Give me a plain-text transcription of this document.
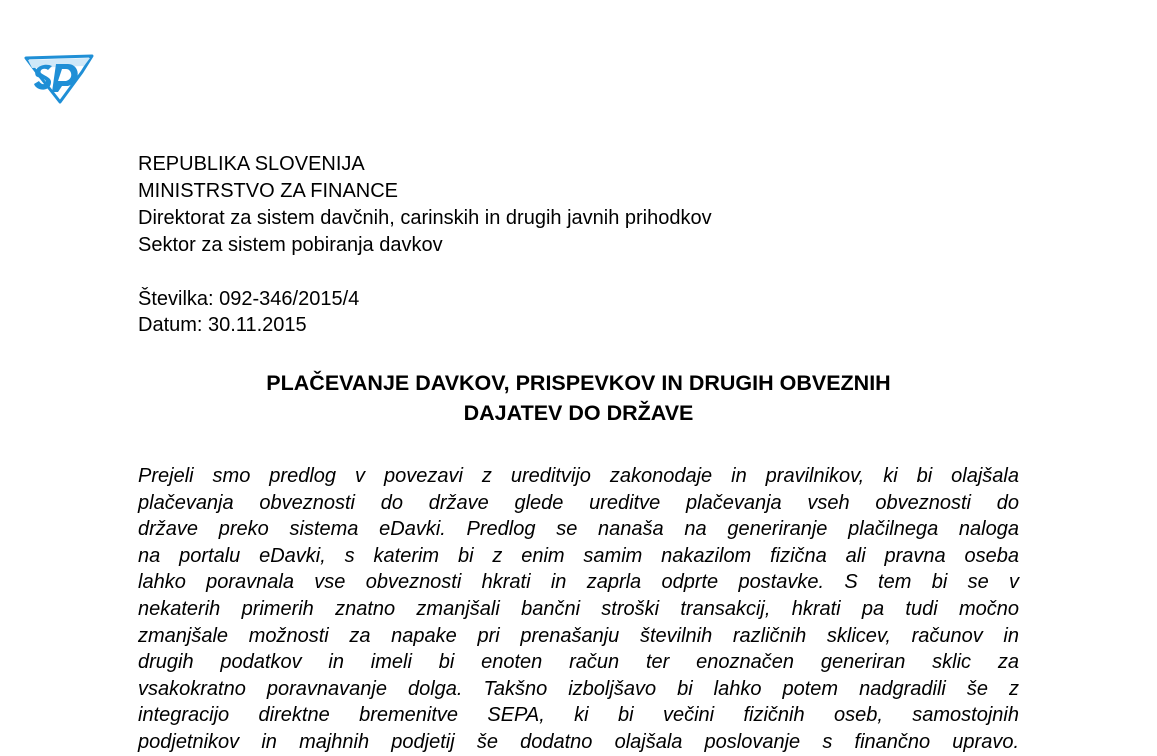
REPUBLIKA SLOVENIJA
MINISTRSTVO ZA FINANCE
Direktorat za sistem davčnih, carinskih in drugih javnih prihodkov
Sektor za sistem pobiranja davkov
Številka: 092-346/2015/4
Datum: 30.11.2015
PLAČEVANJE DAVKOV, PRISPEVKOV IN DRUGIH OBVEZNIH
DAJATEV DO DRŽAVE
Prejeli smo predlog v povezavi z ureditvijo zakonodaje in pravilnikov, ki bi olajšala
plačevanja obveznosti do države glede ureditve plačevanja vseh obveznosti do
države preko sistema eDavki. Predlog se nanaša na generiranje plačilnega naloga
na portalu eDavki, s katerim bi z enim samim nakazilom fizična ali pravna oseba
lahko poravnala vse obveznosti hkrati in zaprla odprte postavke. S tem bi se v
nekaterih primerih znatno zmanjšali bančni stroški transakcij, hkrati pa tudi močno
zmanjšale možnosti za napake pri prenašanju številnih različnih sklicev, računov in
drugih podatkov in imeli bi enoten račun ter enoznačen generiran sklic za
vsakokratno poravnavanje dolga. Takšno izboljšavo bi lahko potem nadgradili še z
integracijo direktne bremenitve SEPA, ki bi večini fizičnih oseb, samostojnih
podjetnikov in majhnih podjetij še dodatno olajšala poslovanje s finančno upravo.
